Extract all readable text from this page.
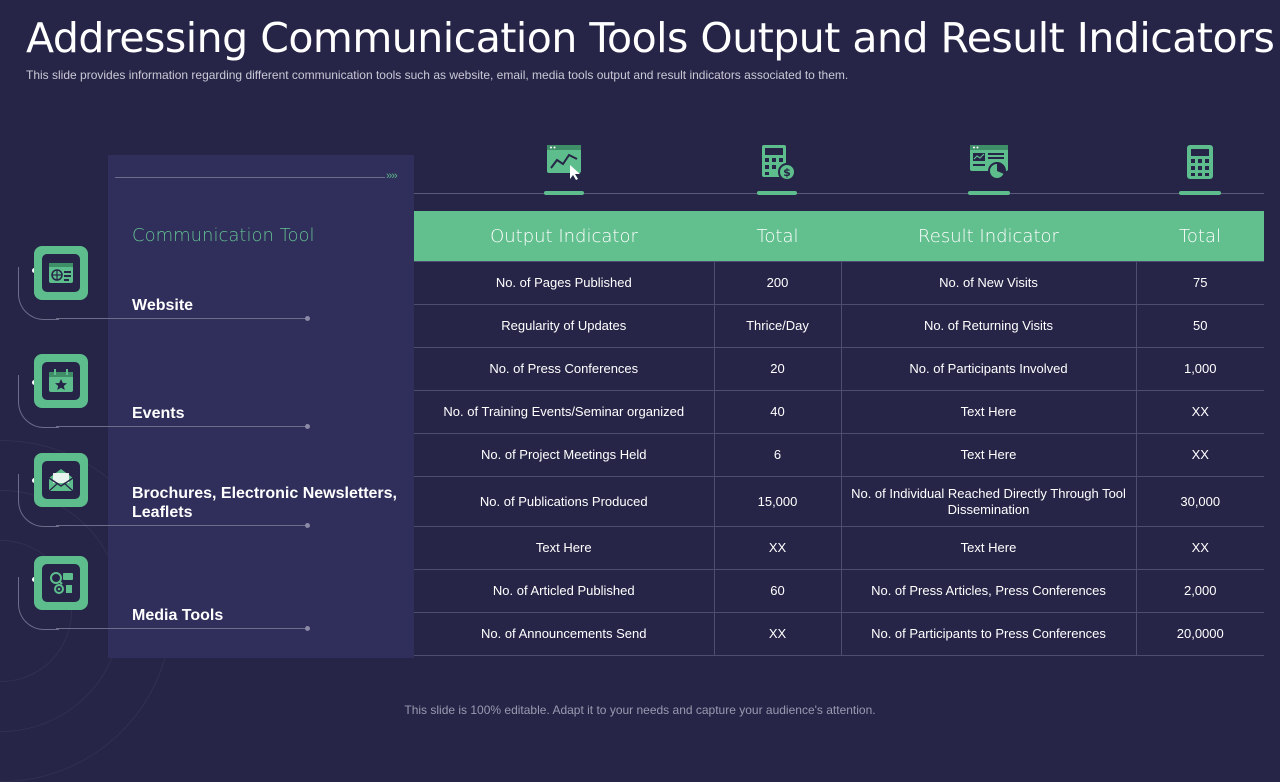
Addressing Communication Tools Output and Result Indicators
This slide provides information regarding different communication tools such as website, email, media tools output and result indicators associated to them.
››››
Communication Tool
Website
Events
Brochures, Electronic Newsletters, Leaflets
Media Tools
$
Output Indicator	Total	Result Indicator	Total
No. of Pages Published	200	No. of New Visits	75
Regularity of Updates	Thrice/Day	No. of Returning Visits	50
No. of Press Conferences	20	No. of Participants Involved	1,000
No. of Training Events/Seminar organized	40	Text Here	XX
No. of Project Meetings Held	6	Text Here	XX
No. of Publications Produced	15,000	No. of Individual Reached Directly Through Tool Dissemination	30,000
Text Here	XX	Text Here	XX
No. of Articled Published	60	No. of Press Articles, Press Conferences	2,000
No. of Announcements Send	XX	No. of Participants to Press Conferences	20,0000
This slide is 100% editable. Adapt it to your needs and capture your audience's attention.
